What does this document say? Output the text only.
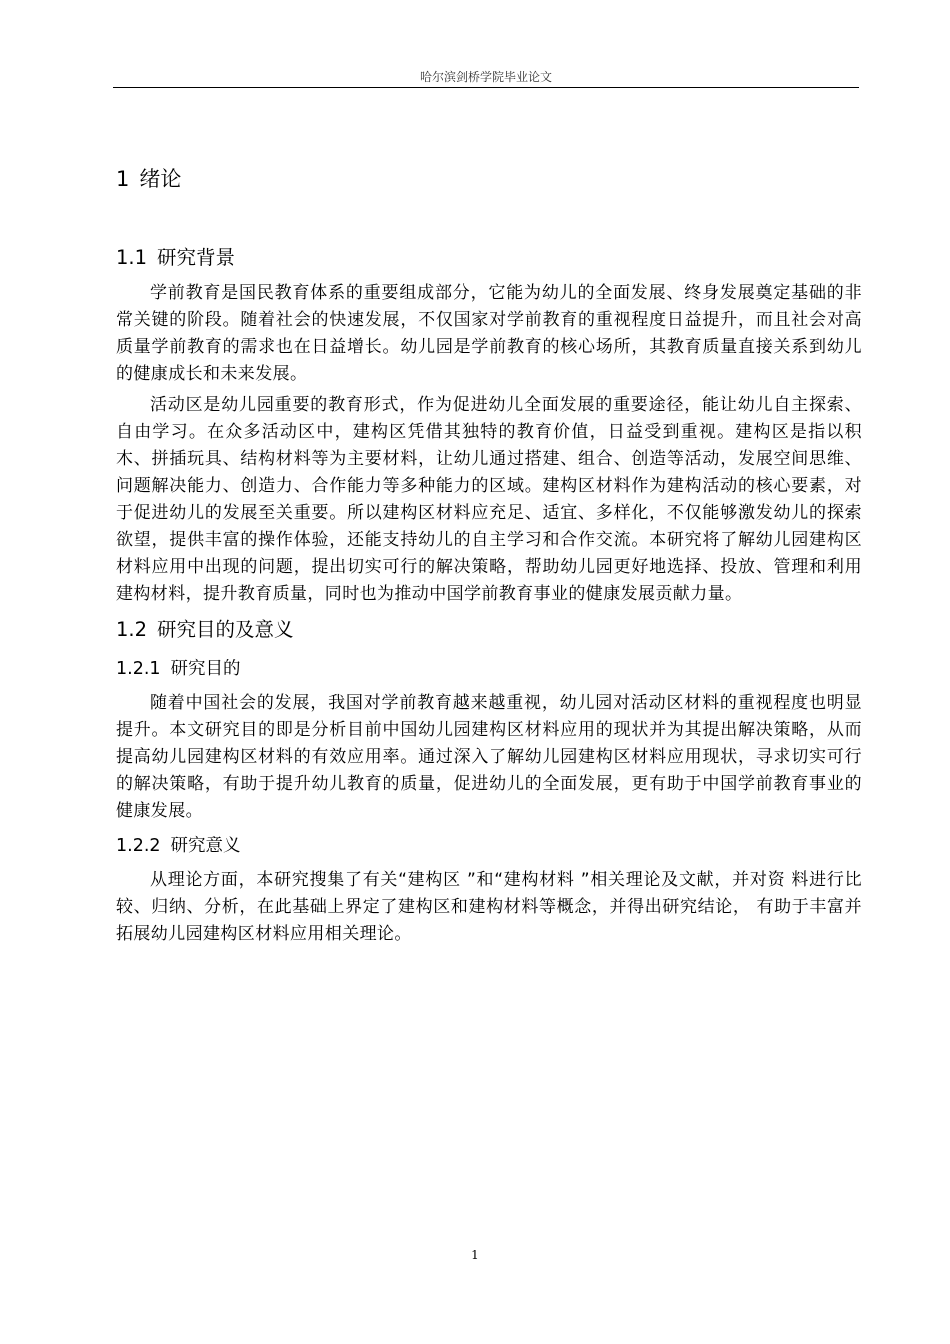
哈尔滨剑桥学院毕业论文
1 绪论
1.1 研究背景

学前教育是国民教育体系的重要组成部分，它能为幼儿的全面发展、终身发展奠定基础的非常关键的阶段。随着社会的快速发展，不仅国家对学前教育的重视程度日益提升，而且社会对高质量学前教育的需求也在日益增长。幼儿园是学前教育的核心场所，其教育质量直接关系到幼儿的健康成长和未来发展。

活动区是幼儿园重要的教育形式，作为促进幼儿全面发展的重要途径，能让幼儿自主探索、自由学习。在众多活动区中，建构区凭借其独特的教育价值，日益受到重视。建构区是指以积木、拼插玩具、结构材料等为主要材料，让幼儿通过搭建、组合、创造等活动，发展空间思维、问题解决能力、创造力、合作能力等多种能力的区域。建构区材料作为建构活动的核心要素，对于促进幼儿的发展至关重要。所以建构区材料应充足、适宜、多样化，不仅能够激发幼儿的探索欲望，提供丰富的操作体验，还能支持幼儿的自主学习和合作交流。本研究将了解幼儿园建构区材料应用中出现的问题，提出切实可行的解决策略，帮助幼儿园更好地选择、投放、管理和利用建构材料，提升教育质量，同时也为推动中国学前教育事业的健康发展贡献力量。

1.2 研究目的及意义
1.2.1 研究目的

随着中国社会的发展，我国对学前教育越来越重视，幼儿园对活动区材料的重视程度也明显提升。本文研究目的即是分析目前中国幼儿园建构区材料应用的现状并为其提出解决策略，从而提高幼儿园建构区材料的有效应用率。通过深入了解幼儿园建构区材料应用现状，寻求切实可行的解决策略，有助于提升幼儿教育的质量，促进幼儿的全面发展，更有助于中国学前教育事业的健康发展。

1.2.2 研究意义

从理论方面，本研究搜集了有关“建构区 ”和“建构材料 ”相关理论及文献，并对资 料进行比较、归纳、分析，在此基础上界定了建构区和建构材料等概念，并得出研究结论， 有助于丰富并拓展幼儿园建构区材料应用相关理论。

1
